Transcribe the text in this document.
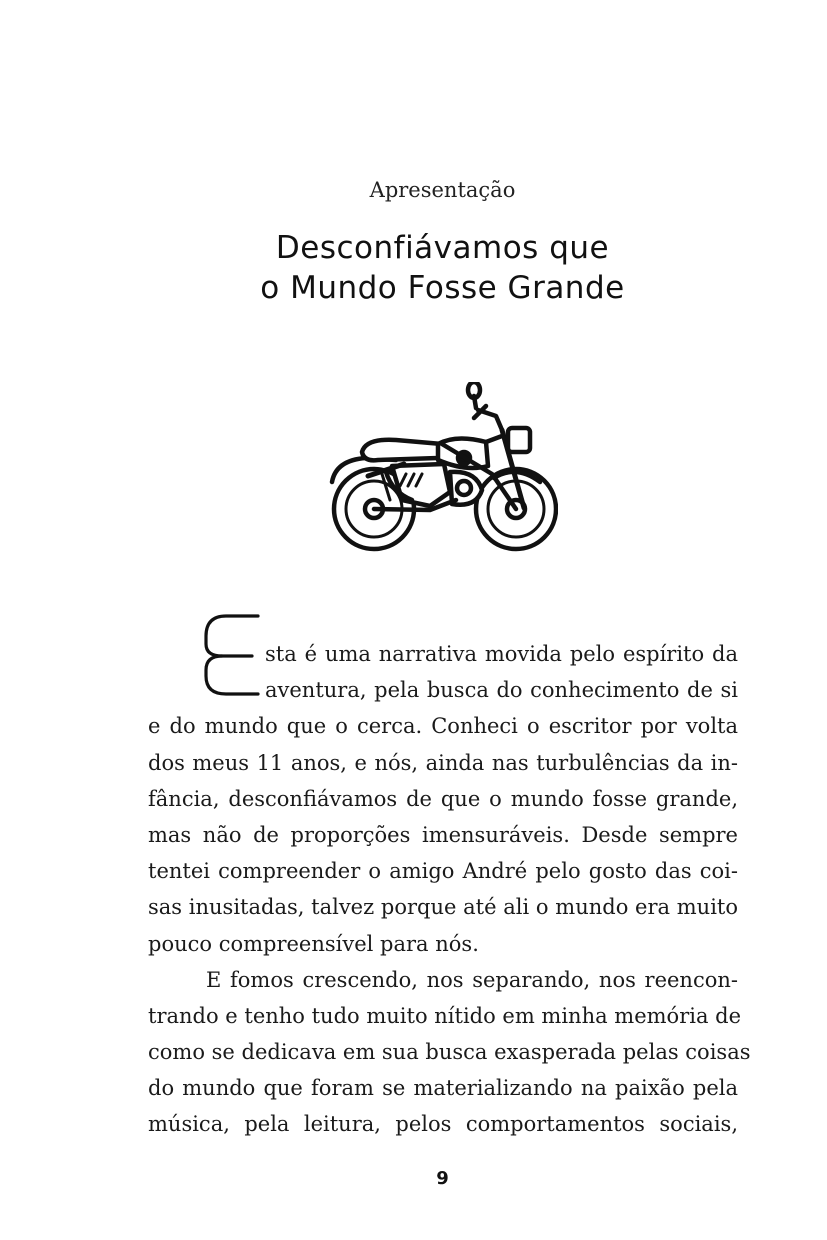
Apresentação
Desconfiávamos que
o Mundo Fosse Grande
sta é uma narrativa movida pelo espírito da
aventura, pela busca do conhecimento de si
e do mundo que o cerca. Conheci o escritor por volta
dos meus 11 anos, e nós, ainda nas turbulências da in-
fância, desconfiávamos de que o mundo fosse grande,
mas não de proporções imensuráveis. Desde sempre
tentei compreender o amigo André pelo gosto das coi-
sas inusitadas, talvez porque até ali o mundo era muito
pouco compreensível para nós.
E fomos crescendo, nos separando, nos reencon-
trando e tenho tudo muito nítido em minha memória de
como se dedicava em sua busca exasperada pelas coisas
do mundo que foram se materializando na paixão pela
música, pela leitura, pelos comportamentos sociais,
9
